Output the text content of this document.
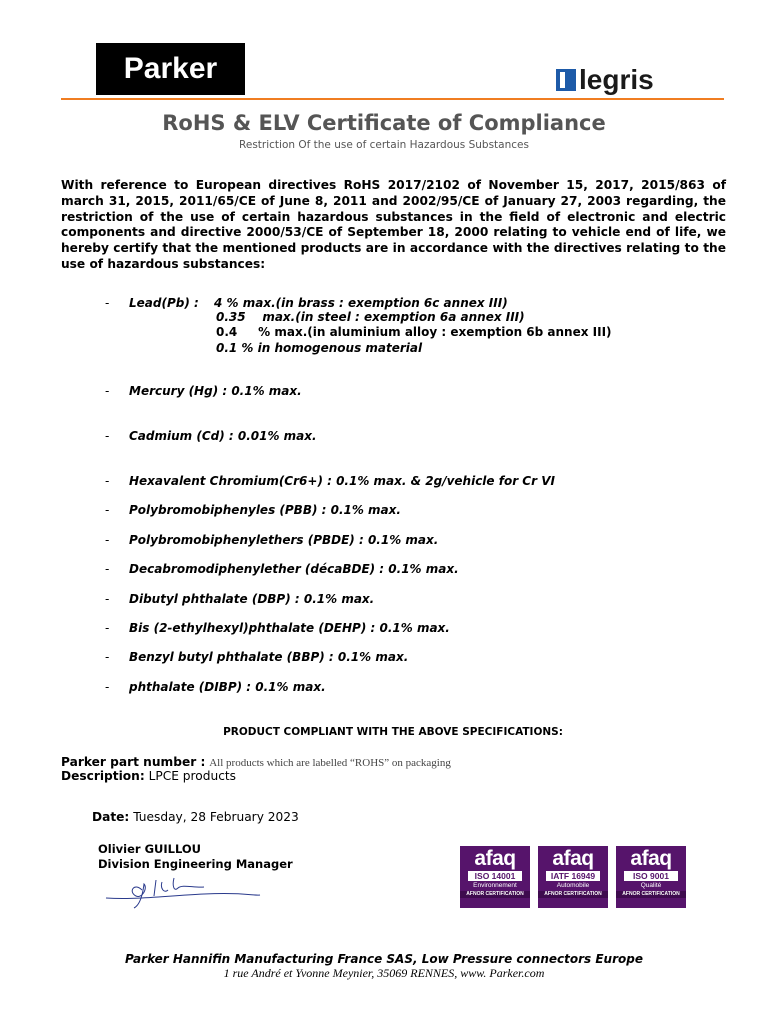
Parker	legris
RoHS & ELV Certificate of Compliance
Restriction Of the use of certain Hazardous Substances
With reference to European directives RoHS 2017/2102 of November 15, 2017, 2015/863 of march 31, 2015, 2011/65/CE of June 8, 2011 and 2002/95/CE of January 27, 2003 regarding, the restriction of the use of certain hazardous substances in the field of electronic and electric components and directive 2000/53/CE of September 18, 2000 relating to vehicle end of life, we hereby certify that the mentioned products are in accordance with the directives relating to the use of hazardous substances:
- Lead(Pb) : 4 % max.(in brass : exemption 6c annex III)
0.35    max.(in steel : exemption 6a annex III)
0.4     % max.(in aluminium alloy : exemption 6b annex III)
0.1 % in homogenous material
- Mercury (Hg) : 0.1% max.
- Cadmium (Cd) : 0.01% max.
- Hexavalent Chromium(Cr6+) : 0.1% max. & 2g/vehicle for Cr VI
- Polybromobiphenyles (PBB) : 0.1% max.
- Polybromobiphenylethers (PBDE) : 0.1% max.
- Decabromodiphenylether (décaBDE) : 0.1% max.
- Dibutyl phthalate (DBP) : 0.1% max.
- Bis (2-ethylhexyl)phthalate (DEHP) : 0.1% max.
- Benzyl butyl phthalate (BBP) : 0.1% max.
- phthalate (DIBP) : 0.1% max.
PRODUCT COMPLIANT WITH THE ABOVE SPECIFICATIONS:
Parker part number : All products which are labelled “ROHS” on packaging
Description: LPCE products
Date: Tuesday, 28 February 2023
Olivier GUILLOU
Division Engineering Manager	afaq
ISO 14001
Environnement
AFNOR CERTIFICATION
afaq
IATF 16949
Automobile
AFNOR CERTIFICATION
afaq
ISO 9001
Qualité
AFNOR CERTIFICATION
Parker Hannifin Manufacturing France SAS, Low Pressure connectors Europe
1 rue André et Yvonne Meynier, 35069 RENNES, www. Parker.com
